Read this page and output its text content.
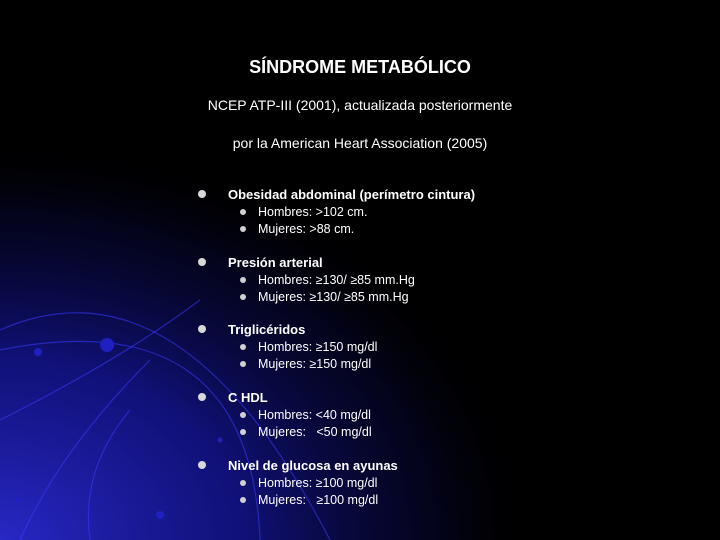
SÍNDROME METABÓLICO
NCEP ATP-III (2001), actualizada posteriormente
por la American Heart Association (2005)
Obesidad abdominal (perímetro cintura)
Hombres: >102 cm.
Mujeres: >88 cm.
Presión arterial
Hombres: ≥130/ ≥85 mm.Hg
Mujeres: ≥130/ ≥85 mm.Hg
Triglicéridos
Hombres: ≥150 mg/dl
Mujeres: ≥150 mg/dl
C HDL
Hombres: <40 mg/dl
Mujeres:   <50 mg/dl
Nivel de glucosa en ayunas
Hombres: ≥100 mg/dl
Mujeres:   ≥100 mg/dl
